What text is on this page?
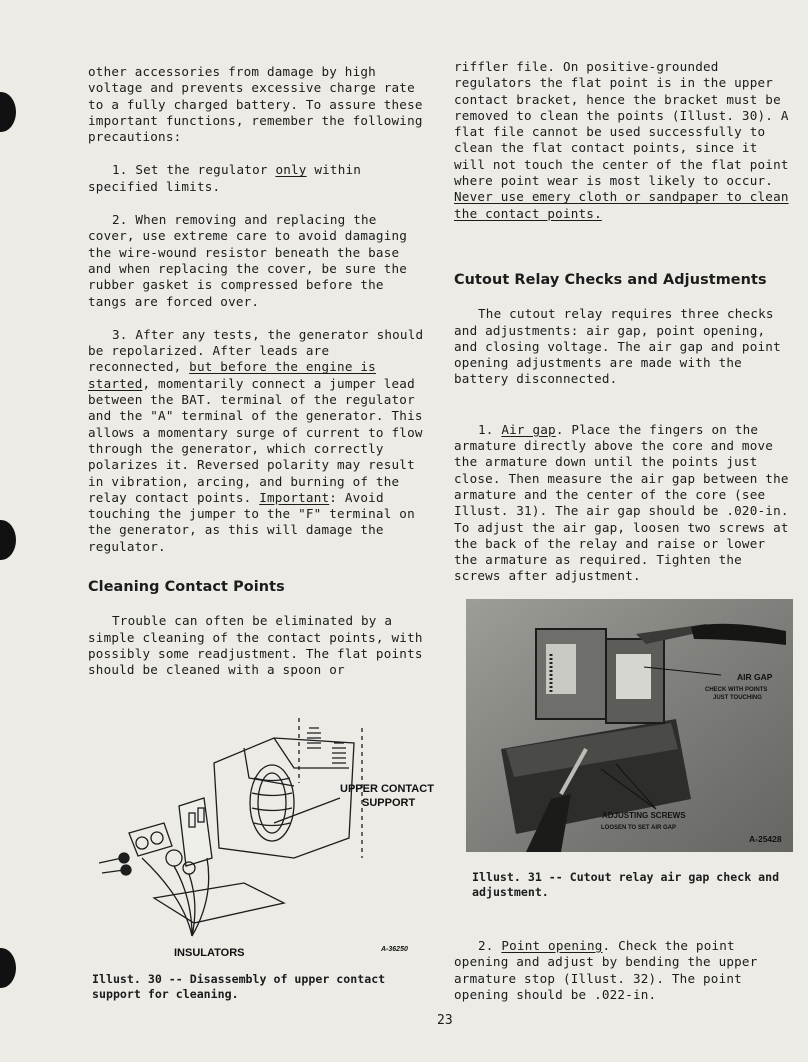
other accessories from damage by high voltage and prevents excessive charge rate to a fully charged battery. To assure these important functions, remember the following precautions:

1. Set the regulator only within specified limits.

2. When removing and replacing the cover, use extreme care to avoid damaging the wire-wound resistor beneath the base and when replacing the cover, be sure the rubber gasket is compressed before the tangs are forced over.

3. After any tests, the generator should be repolarized. After leads are reconnected, but before the engine is started, momentarily connect a jumper lead between the BAT. terminal of the regulator and the "A" terminal of the generator. This allows a momentary surge of current to flow through the generator, which correctly polarizes it. Reversed polarity may result in vibration, arcing, and burning of the relay contact points. Important: Avoid touching the jumper to the "F" terminal on the generator, as this will damage the regulator.

Cleaning Contact Points

Trouble can often be eliminated by a simple cleaning of the contact points, with possibly some readjustment. The flat points should be cleaned with a spoon or

riffler file. On positive-grounded regulators the flat point is in the upper contact bracket, hence the bracket must be removed to clean the points (Illust. 30). A flat file cannot be used successfully to clean the flat contact points, since it will not touch the center of the flat point where point wear is most likely to occur. Never use emery cloth or sandpaper to clean the contact points.

Cutout Relay Checks and Adjustments

The cutout relay requires three checks and adjustments: air gap, point opening, and closing voltage. The air gap and point opening adjustments are made with the battery disconnected.

1. Air gap. Place the fingers on the armature directly above the core and move the armature down until the points just close. Then measure the air gap between the armature and the center of the core (see Illust. 31). The air gap should be .020-in. To adjust the air gap, loosen two screws at the back of the relay and raise or lower the armature as required. Tighten the screws after adjustment.

AIR GAP
CHECK WITH POINTS
JUST TOUCHING
ADJUSTING SCREWS
LOOSEN TO SET AIR GAP
A-25428
Illust. 31 -- Cutout relay air gap check and adjustment.

2. Point opening. Check the point opening and adjust by bending the upper armature stop (Illust. 32). The point opening should be .022-in.

UPPER CONTACT
SUPPORT
INSULATORS	A-36250
Illust. 30 -- Disassembly of upper contact support for cleaning.
23
